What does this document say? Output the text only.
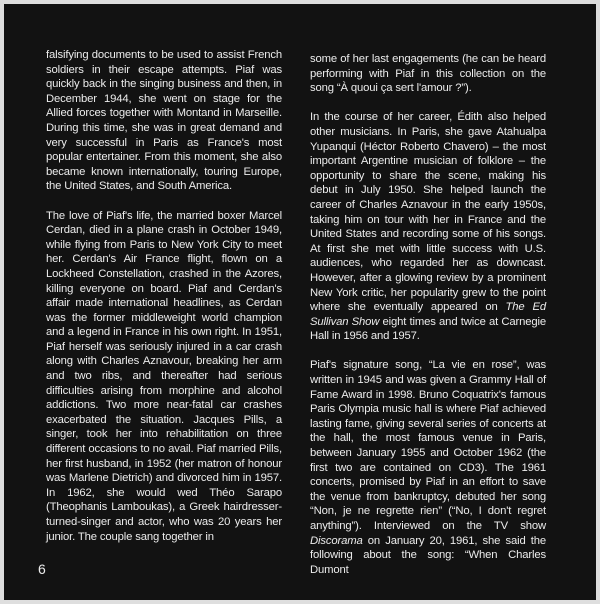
falsifying documents to be used to assist French soldiers in their escape attempts. Piaf was quickly back in the singing business and then, in December 1944, she went on stage for the Allied forces together with Montand in Marseille. During this time, she was in great demand and very successful in Paris as France's most popular entertainer. From this moment, she also became known internationally, touring Europe, the United States, and South America.

The love of Piaf's life, the married boxer Marcel Cerdan, died in a plane crash in October 1949, while flying from Paris to New York City to meet her. Cerdan's Air France flight, flown on a Lockheed Constellation, crashed in the Azores, killing everyone on board. Piaf and Cerdan's affair made international headlines, as Cerdan was the former middleweight world champion and a legend in France in his own right. In 1951, Piaf herself was seriously injured in a car crash along with Charles Aznavour, breaking her arm and two ribs, and thereafter had serious difficulties arising from morphine and alcohol addictions. Two more near-fatal car crashes exacerbated the situation. Jacques Pills, a singer, took her into rehabilitation on three different occasions to no avail. Piaf married Pills, her first husband, in 1952 (her matron of honour was Marlene Dietrich) and divorced him in 1957. In 1962, she would wed Théo Sarapo (Theophanis Lamboukas), a Greek hairdresser-turned-singer and actor, who was 20 years her junior. The couple sang together in

some of her last engagements (he can be heard performing with Piaf in this collection on the song “À quoui ça sert l'amour ?”).

In the course of her career, Édith also helped other musicians. In Paris, she gave Atahualpa Yupanqui (Héctor Roberto Chavero) – the most important Argentine musician of folklore – the opportunity to share the scene, making his debut in July 1950. She helped launch the career of Charles Aznavour in the early 1950s, taking him on tour with her in France and the United States and recording some of his songs. At first she met with little success with U.S. audiences, who regarded her as downcast. However, after a glowing review by a prominent New York critic, her popularity grew to the point where she eventually appeared on The Ed Sullivan Show eight times and twice at Carnegie Hall in 1956 and 1957.

Piaf's signature song, “La vie en rose”, was written in 1945 and was given a Grammy Hall of Fame Award in 1998. Bruno Coquatrix's famous Paris Olympia music hall is where Piaf achieved lasting fame, giving several series of concerts at the hall, the most famous venue in Paris, between January 1955 and October 1962 (the first two are contained on CD3). The 1961 concerts, promised by Piaf in an effort to save the venue from bankruptcy, debuted her song “Non, je ne regrette rien” (“No, I don't regret anything”). Interviewed on the TV show Discorama on January 20, 1961, she said the following about the song: “When Charles Dumont

6
